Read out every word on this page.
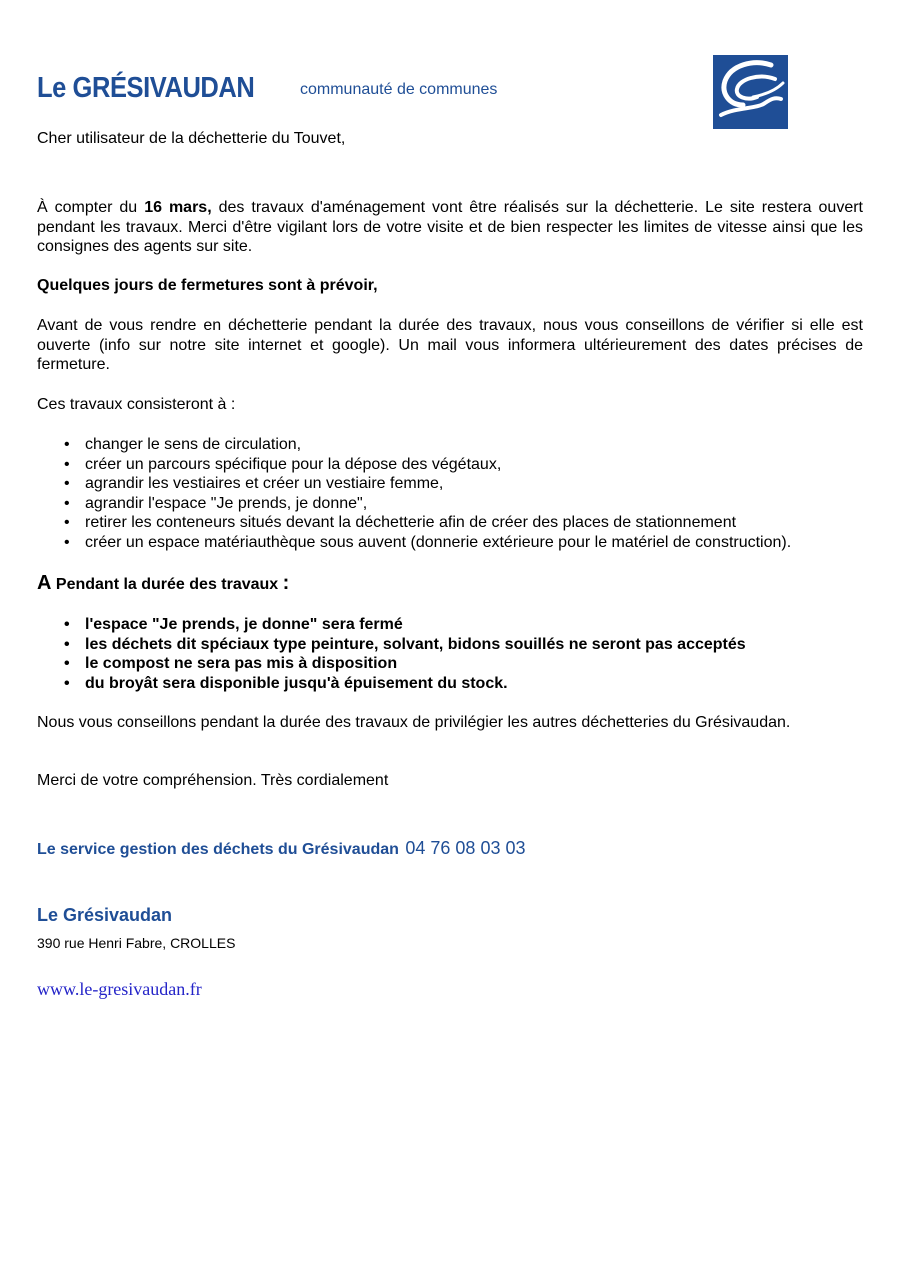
Le GRÉSIVAUDAN	communauté de communes

Cher utilisateur de la déchetterie du Touvet,

À compter du 16 mars, des travaux d'aménagement vont être réalisés sur la déchetterie. Le site restera ouvert pendant les travaux. Merci d'être vigilant lors de votre visite et de bien respecter les limites de vitesse ainsi que les consignes des agents sur site.

Quelques jours de fermetures sont à prévoir,

Avant de vous rendre en déchetterie pendant la durée des travaux, nous vous conseillons de vérifier si elle est ouverte (info sur notre site internet et google). Un mail vous informera ultérieurement des dates précises de fermeture.

Ces travaux consisteront à :

• changer le sens de circulation,
• créer un parcours spécifique pour la dépose des végétaux,
• agrandir les vestiaires et créer un vestiaire femme,
• agrandir l'espace "Je prends, je donne",
• retirer les conteneurs situés devant la déchetterie afin de créer des places de stationnement
• créer un espace matériauthèque sous auvent (donnerie extérieure pour le matériel de construction).
A Pendant la durée des travaux :
• l'espace "Je prends, je donne" sera fermé
• les déchets dit spéciaux type peinture, solvant, bidons souillés ne seront pas acceptés
• le compost ne sera pas mis à disposition
• du broyât sera disponible jusqu'à épuisement du stock.

Nous vous conseillons pendant la durée des travaux de privilégier les autres déchetteries du Grésivaudan.

Merci de votre compréhension. Très cordialement

Le service gestion des déchets du Grésivaudan 04 76 08 03 03
Le Grésivaudan
390 rue Henri Fabre, CROLLES
www.le-gresivaudan.fr
